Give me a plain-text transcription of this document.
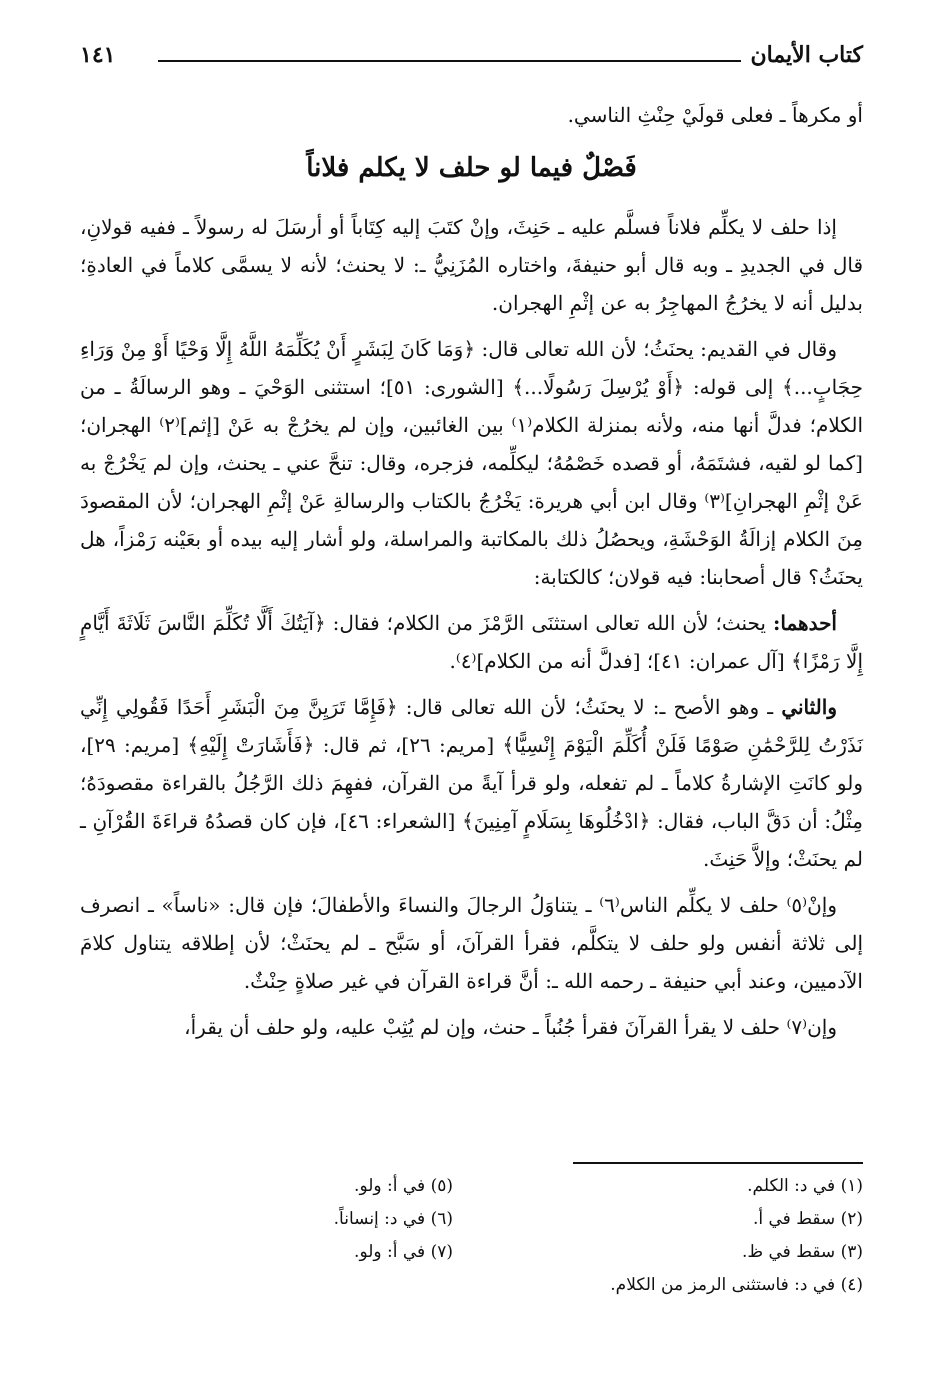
كتاب الأيمان
١٤١

أو مكرهاً ـ فعلى قولَيْ حِنْثِ الناسي.

فَصْلٌ فيما لو حلف لا يكلم فلاناً

إذا حلف لا يكلِّم فلاناً فسلَّم عليه ـ حَنِثَ، وإنْ كتَبَ إليه كِتَاباً أو أرسَلَ له رسولاً ـ ففيه قولانِ، قال في الجديدِ ـ وبه قال أبو حنيفةَ، واختاره المُزَنِيُّ ـ: لا يحنث؛ لأنه لا يسمَّى كلاماً في العادةِ؛ بدليل أنه لا يخرُجُ المهاجِرُ به عن إثْمِ الهجران.

وقال في القديم: يحنَثُ؛ لأن الله تعالى قال: ﴿وَمَا كَانَ لِبَشَرٍ أَنْ يُكَلِّمَهُ اللَّهُ إِلَّا وَحْيًا أَوْ مِنْ وَرَاءِ حِجَابٍ...﴾ إلى قوله: ﴿أَوْ يُرْسِلَ رَسُولًا...﴾ [الشورى: ٥١]؛ استثنى الوَحْيَ ـ وهو الرسالَةُ ـ من الكلام؛ فدلَّ أنها منه، ولأنه بمنزلة الكلام⁽١⁾ بين الغائبين، وإن لم يخرُجْ به عَنْ [إثم]⁽٢⁾ الهجران؛ [كما لو لقيه، فشتَمَهُ، أو قصده خَصْمُهُ؛ ليكلِّمه، فزجره، وقال: تنحَّ عني ـ يحنث، وإن لم يَخْرُجْ به عَنْ إثْمِ الهجرانِ]⁽٣⁾ وقال ابن أبي هريرة: يَخْرُجُ بالكتاب والرسالةِ عَنْ إثْمِ الهجران؛ لأن المقصودَ مِنَ الكلام إزالَةُ الوَحْشَةِ، ويحصُلُ ذلك بالمكاتبة والمراسلة، ولو أشار إليه بيده أو بعَيْنه رَمْزاً، هل يحنَثُ؟ قال أصحابنا: فيه قولان؛ كالكتابة:

أحدهما: يحنث؛ لأن الله تعالى استثنَى الرَّمْزَ من الكلام؛ فقال: ﴿آيَتُكَ أَلَّا تُكَلِّمَ النَّاسَ ثَلَاثَةَ أَيَّامٍ إِلَّا رَمْزًا﴾ [آل عمران: ٤١]؛ [فدلَّ أنه من الكلام]⁽٤⁾.

والثاني ـ وهو الأصح ـ: لا يحنَثُ؛ لأن الله تعالى قال: ﴿فَإِمَّا تَرَيِنَّ مِنَ الْبَشَرِ أَحَدًا فَقُولِي إِنِّي نَذَرْتُ لِلرَّحْمَٰنِ صَوْمًا فَلَنْ أُكَلِّمَ الْيَوْمَ إِنْسِيًّا﴾ [مريم: ٢٦]، ثم قال: ﴿فَأَشَارَتْ إِلَيْهِ﴾ [مريم: ٢٩]، ولو كانَتِ الإشارةُ كلاماً ـ لم تفعله، ولو قرأ آيةً من القرآن، ففهِمَ ذلك الرَّجُلُ بالقراءة مقصودَهُ؛ مِثْلُ: أن دَقَّ الباب، فقال: ﴿ادْخُلُوهَا بِسَلَامٍ آمِنِينَ﴾ [الشعراء: ٤٦]، فإن كان قصدُهُ قراءَةَ القُرْآنِ ـ لم يحنَثْ؛ وإلاَّ حَنِثَ.

وإنْ⁽٥⁾ حلف لا يكلِّم الناس⁽٦⁾ ـ يتناوَلُ الرجالَ والنساءَ والأطفالَ؛ فإن قال: «ناساً» ـ انصرف إلى ثلاثة أنفس ولو حلف لا يتكلَّم، فقرأ القرآنَ، أو سَبَّح ـ لم يحنَثْ؛ لأن إطلاقه يتناول كلامَ الآدميين، وعند أبي حنيفة ـ رحمه الله ـ: أنَّ قراءة القرآن في غير صلاةٍ حِنْثٌ.

وإن⁽٧⁾ حلف لا يقرأ القرآنَ فقرأ جُنُباً ـ حنث، وإن لم يُثِبْ عليه، ولو حلف أن يقرأ،

(١) في د: الكلم.
(٢) سقط في أ.
(٣) سقط في ظ.
(٥) في أ: ولو.
(٦) في د: إنساناً.
(٧) في أ: ولو.
(٤) في د: فاستثنى الرمز من الكلام.
